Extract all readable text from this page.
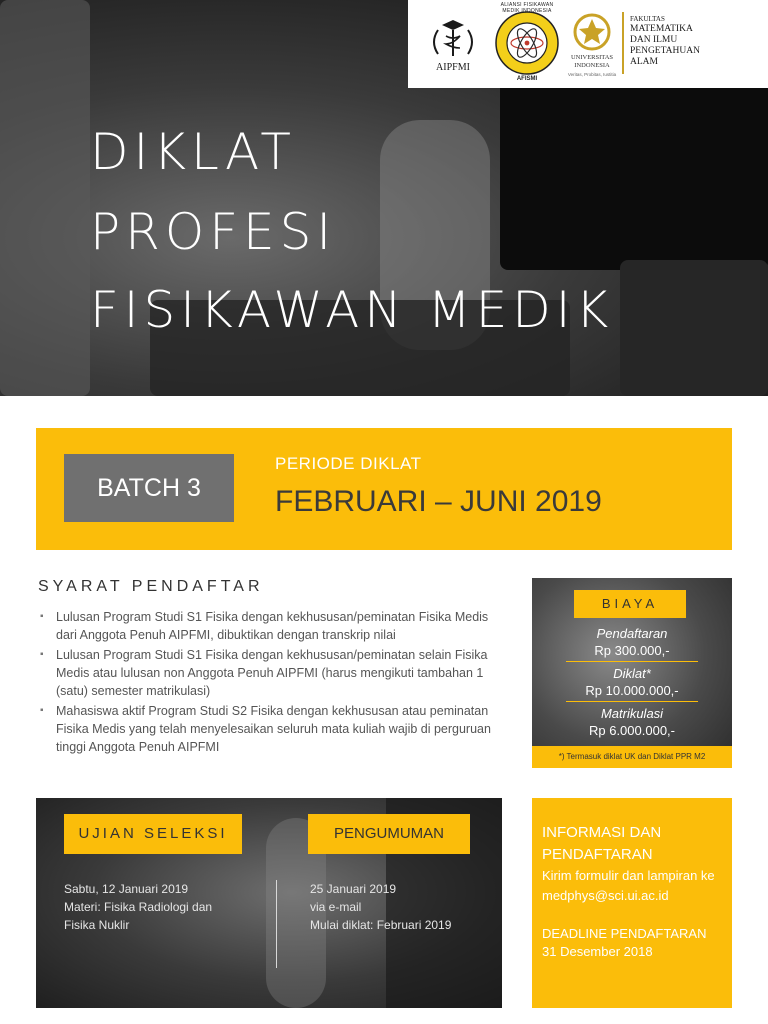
AIPFMI
ALIANSI FISIKAWAN MEDIK INDONESIA
AFISMI
UNIVERSITAS INDONESIA
Veritas, Probitas, Iustitia
FAKULTAS
MATEMATIKA
DAN ILMU
PENGETAHUAN
ALAM
DIKLAT
PROFESI
FISIKAWAN MEDIK
BATCH 3
PERIODE DIKLAT
FEBRUARI – JUNI 2019
SYARAT PENDAFTAR
▪ Lulusan Program Studi S1 Fisika dengan kekhususan/peminatan Fisika Medis dari Anggota Penuh AIPFMI, dibuktikan dengan transkrip nilai
▪ Lulusan Program Studi S1 Fisika dengan kekhususan/peminatan selain Fisika Medis atau lulusan non Anggota Penuh AIPFMI (harus mengikuti tambahan 1 (satu) semester matrikulasi)
▪ Mahasiswa aktif Program Studi S2 Fisika dengan kekhususan atau peminatan Fisika Medis yang telah menyelesaikan seluruh mata kuliah wajib di perguruan tinggi Anggota Penuh AIPFMI
BIAYA
Pendaftaran
Rp 300.000,-
Diklat*
Rp 10.000.000,-
Matrikulasi
Rp 6.000.000,-
*) Termasuk diklat UK dan Diklat PPR M2
UJIAN SELEKSI	PENGUMUMAN
Sabtu, 12 Januari 2019
Materi: Fisika Radiologi dan
Fisika Nuklir
25 Januari 2019
via e-mail
Mulai diklat: Februari 2019
INFORMASI DAN PENDAFTARAN
Kirim formulir dan lampiran ke medphys@sci.ui.ac.id
DEADLINE PENDAFTARAN
31 Desember 2018
